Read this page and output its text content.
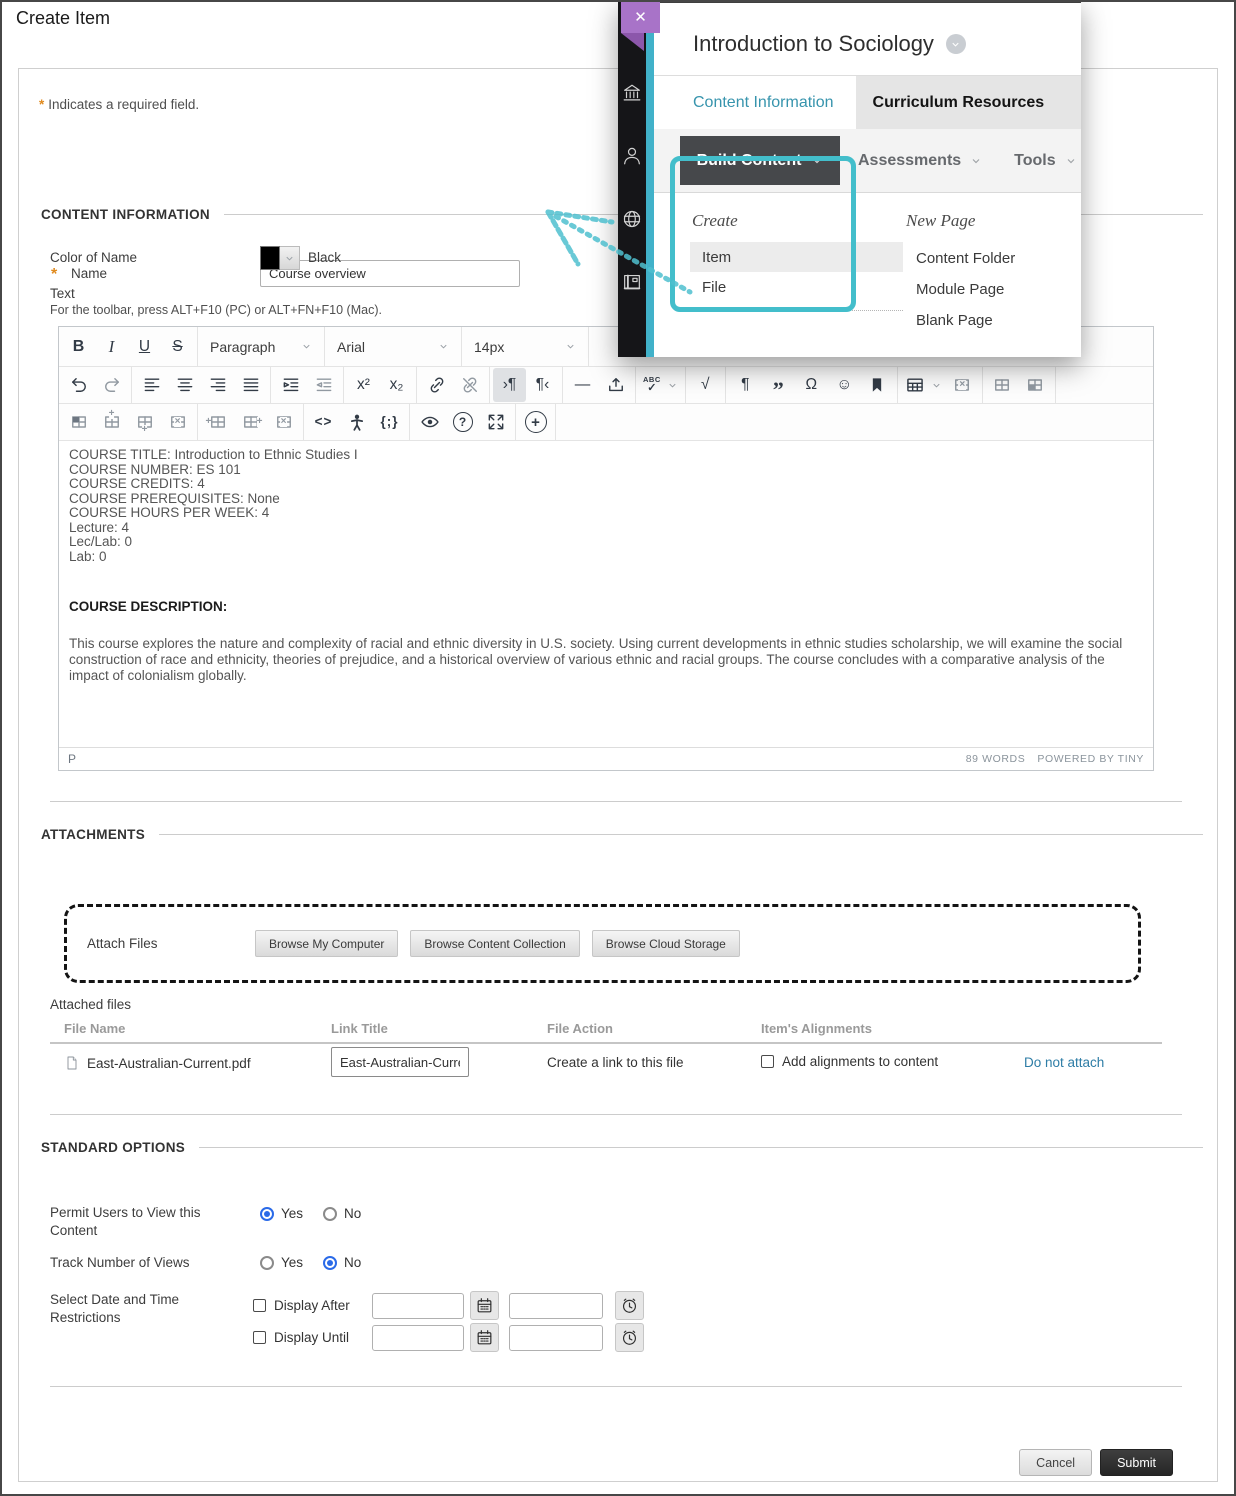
Create Item
* Indicates a required field.
CONTENT INFORMATION
* Name
Course overview
Color of Name	Black
Text
For the toolbar, press ALT+F10 (PC) or ALT+FN+F10 (Mac).
B I U S Paragraph	Arial	14px
x² x₂	›¶ ¶‹ —	ABC
✓	√ ¶ ” Ω ☺	×
+
+
×	+	+ × <>	{;}	?	+
COURSE TITLE: Introduction to Ethnic Studies I
COURSE NUMBER: ES 101
COURSE CREDITS: 4
COURSE PREREQUISITES: None
COURSE HOURS PER WEEK: 4
Lecture: 4
Lec/Lab: 0
Lab: 0
COURSE DESCRIPTION:
This course explores the nature and complexity of racial and ethnic diversity in U.S. society. Using current developments in ethnic studies scholarship, we will examine the social construction of race and ethnicity, theories of prejudice, and a historical overview of various ethnic and racial groups. The course concludes with a comparative analysis of the impact of colonialism globally.
P	89 WORDS POWERED BY TINY
ATTACHMENTS
Attach Files	Browse My Computer	Browse Content Collection	Browse Cloud Storage
Attached files
File Name	Link Title	File Action	Item's Alignments
East-Australian-Current.pdf
East-Australian-Current.pdf	Create a link to this file	Add alignments to content	Do not attach
STANDARD OPTIONS
Permit Users to View this Content
Yes	No
Track Number of Views	Yes	No
Select Date and Time Restrictions
Display After
Display Until
Cancel	Submit
Introduction to Sociology
Content Information	Curriculum Resources
Build Content	Assessments	Tools
Create
Item
File
New Page
Content Folder
Module Page
Blank Page
✕
